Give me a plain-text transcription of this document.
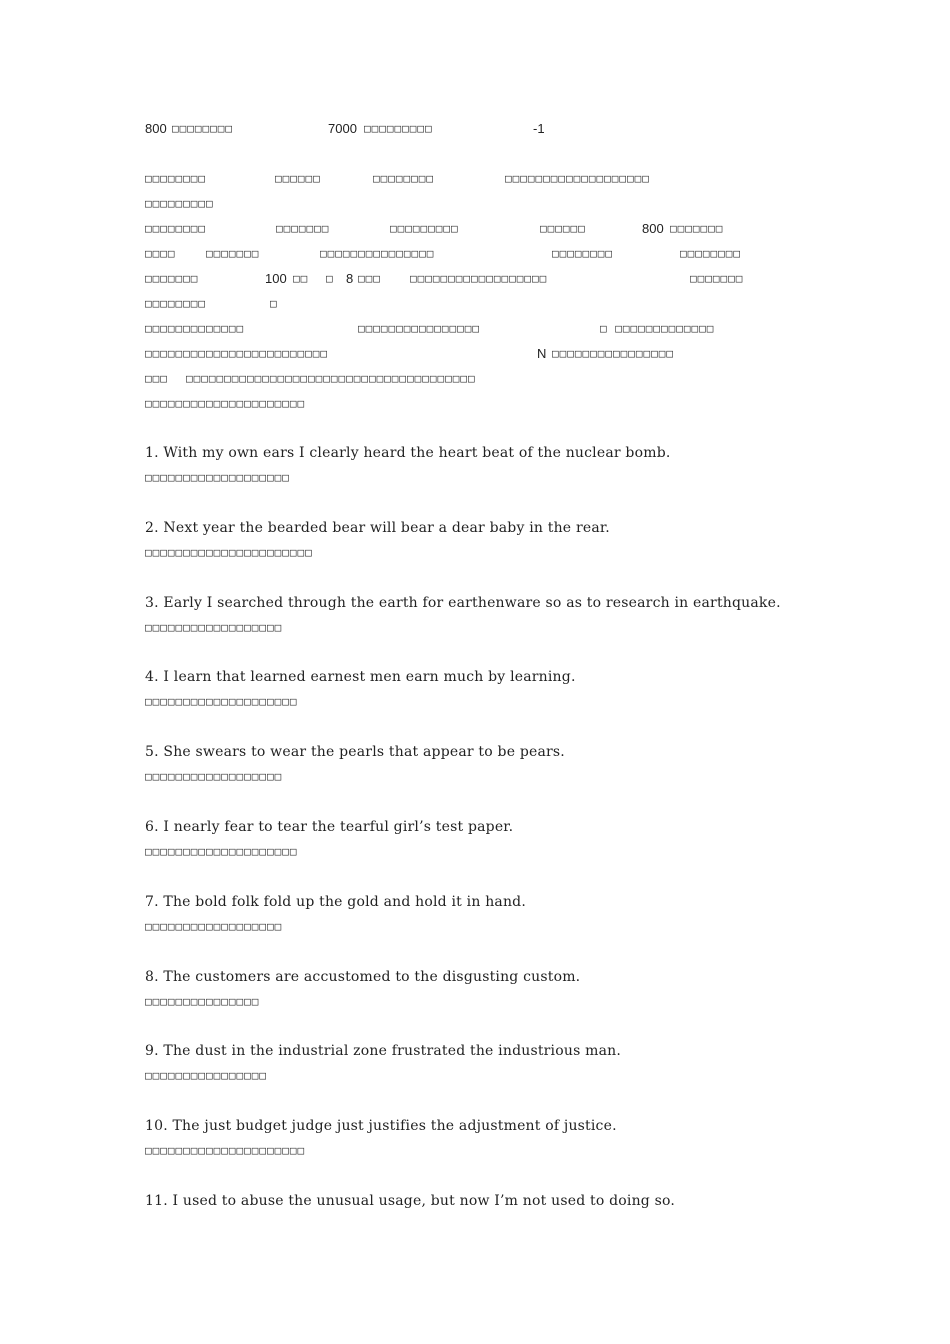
800 □□□□□□□□	7000 □□□□□□□□□	-1
□□□□□□□□	□□□□□□	□□□□□□□□	□□□□□□□□□□□□□□□□□□□
□□□□□□□□□
□□□□□□□□	□□□□□□□	□□□□□□□□□	□□□□□□	800 □□□□□□□
□□□□	□□□□□□□	□□□□□□□□□□□□□□□	□□□□□□□□	□□□□□□□□
□□□□□□□	100 □□ □ 8 □□□	□□□□□□□□□□□□□□□□□□	□□□□□□□
□□□□□□□□	□
□□□□□□□□□□□□□	□□□□□□□□□□□□□□□□	□ □□□□□□□□□□□□□
□□□□□□□□□□□□□□□□□□□□□□□□	N □□□□□□□□□□□□□□□□
□□□ □□□□□□□□□□□□□□□□□□□□□□□□□□□□□□□□□□□□□□
□□□□□□□□□□□□□□□□□□□□□
1. With my own ears I clearly heard the heart beat of the nuclear bomb.
□□□□□□□□□□□□□□□□□□□
2. Next year the bearded bear will bear a dear baby in the rear.
□□□□□□□□□□□□□□□□□□□□□□
3. Early I searched through the earth for earthenware so as to research in earthquake.
□□□□□□□□□□□□□□□□□□
4. I learn that learned earnest men earn much by learning.
□□□□□□□□□□□□□□□□□□□□
5. She swears to wear the pearls that appear to be pears.
□□□□□□□□□□□□□□□□□□
6. I nearly fear to tear the tearful girl’s test paper.
□□□□□□□□□□□□□□□□□□□□
7. The bold folk fold up the gold and hold it in hand.
□□□□□□□□□□□□□□□□□□
8. The customers are accustomed to the disgusting custom.
□□□□□□□□□□□□□□□
9. The dust in the industrial zone frustrated the industrious man.
□□□□□□□□□□□□□□□□
10. The just budget judge just justifies the adjustment of justice.
□□□□□□□□□□□□□□□□□□□□□
11. I used to abuse the unusual usage, but now I’m not used to doing so.
